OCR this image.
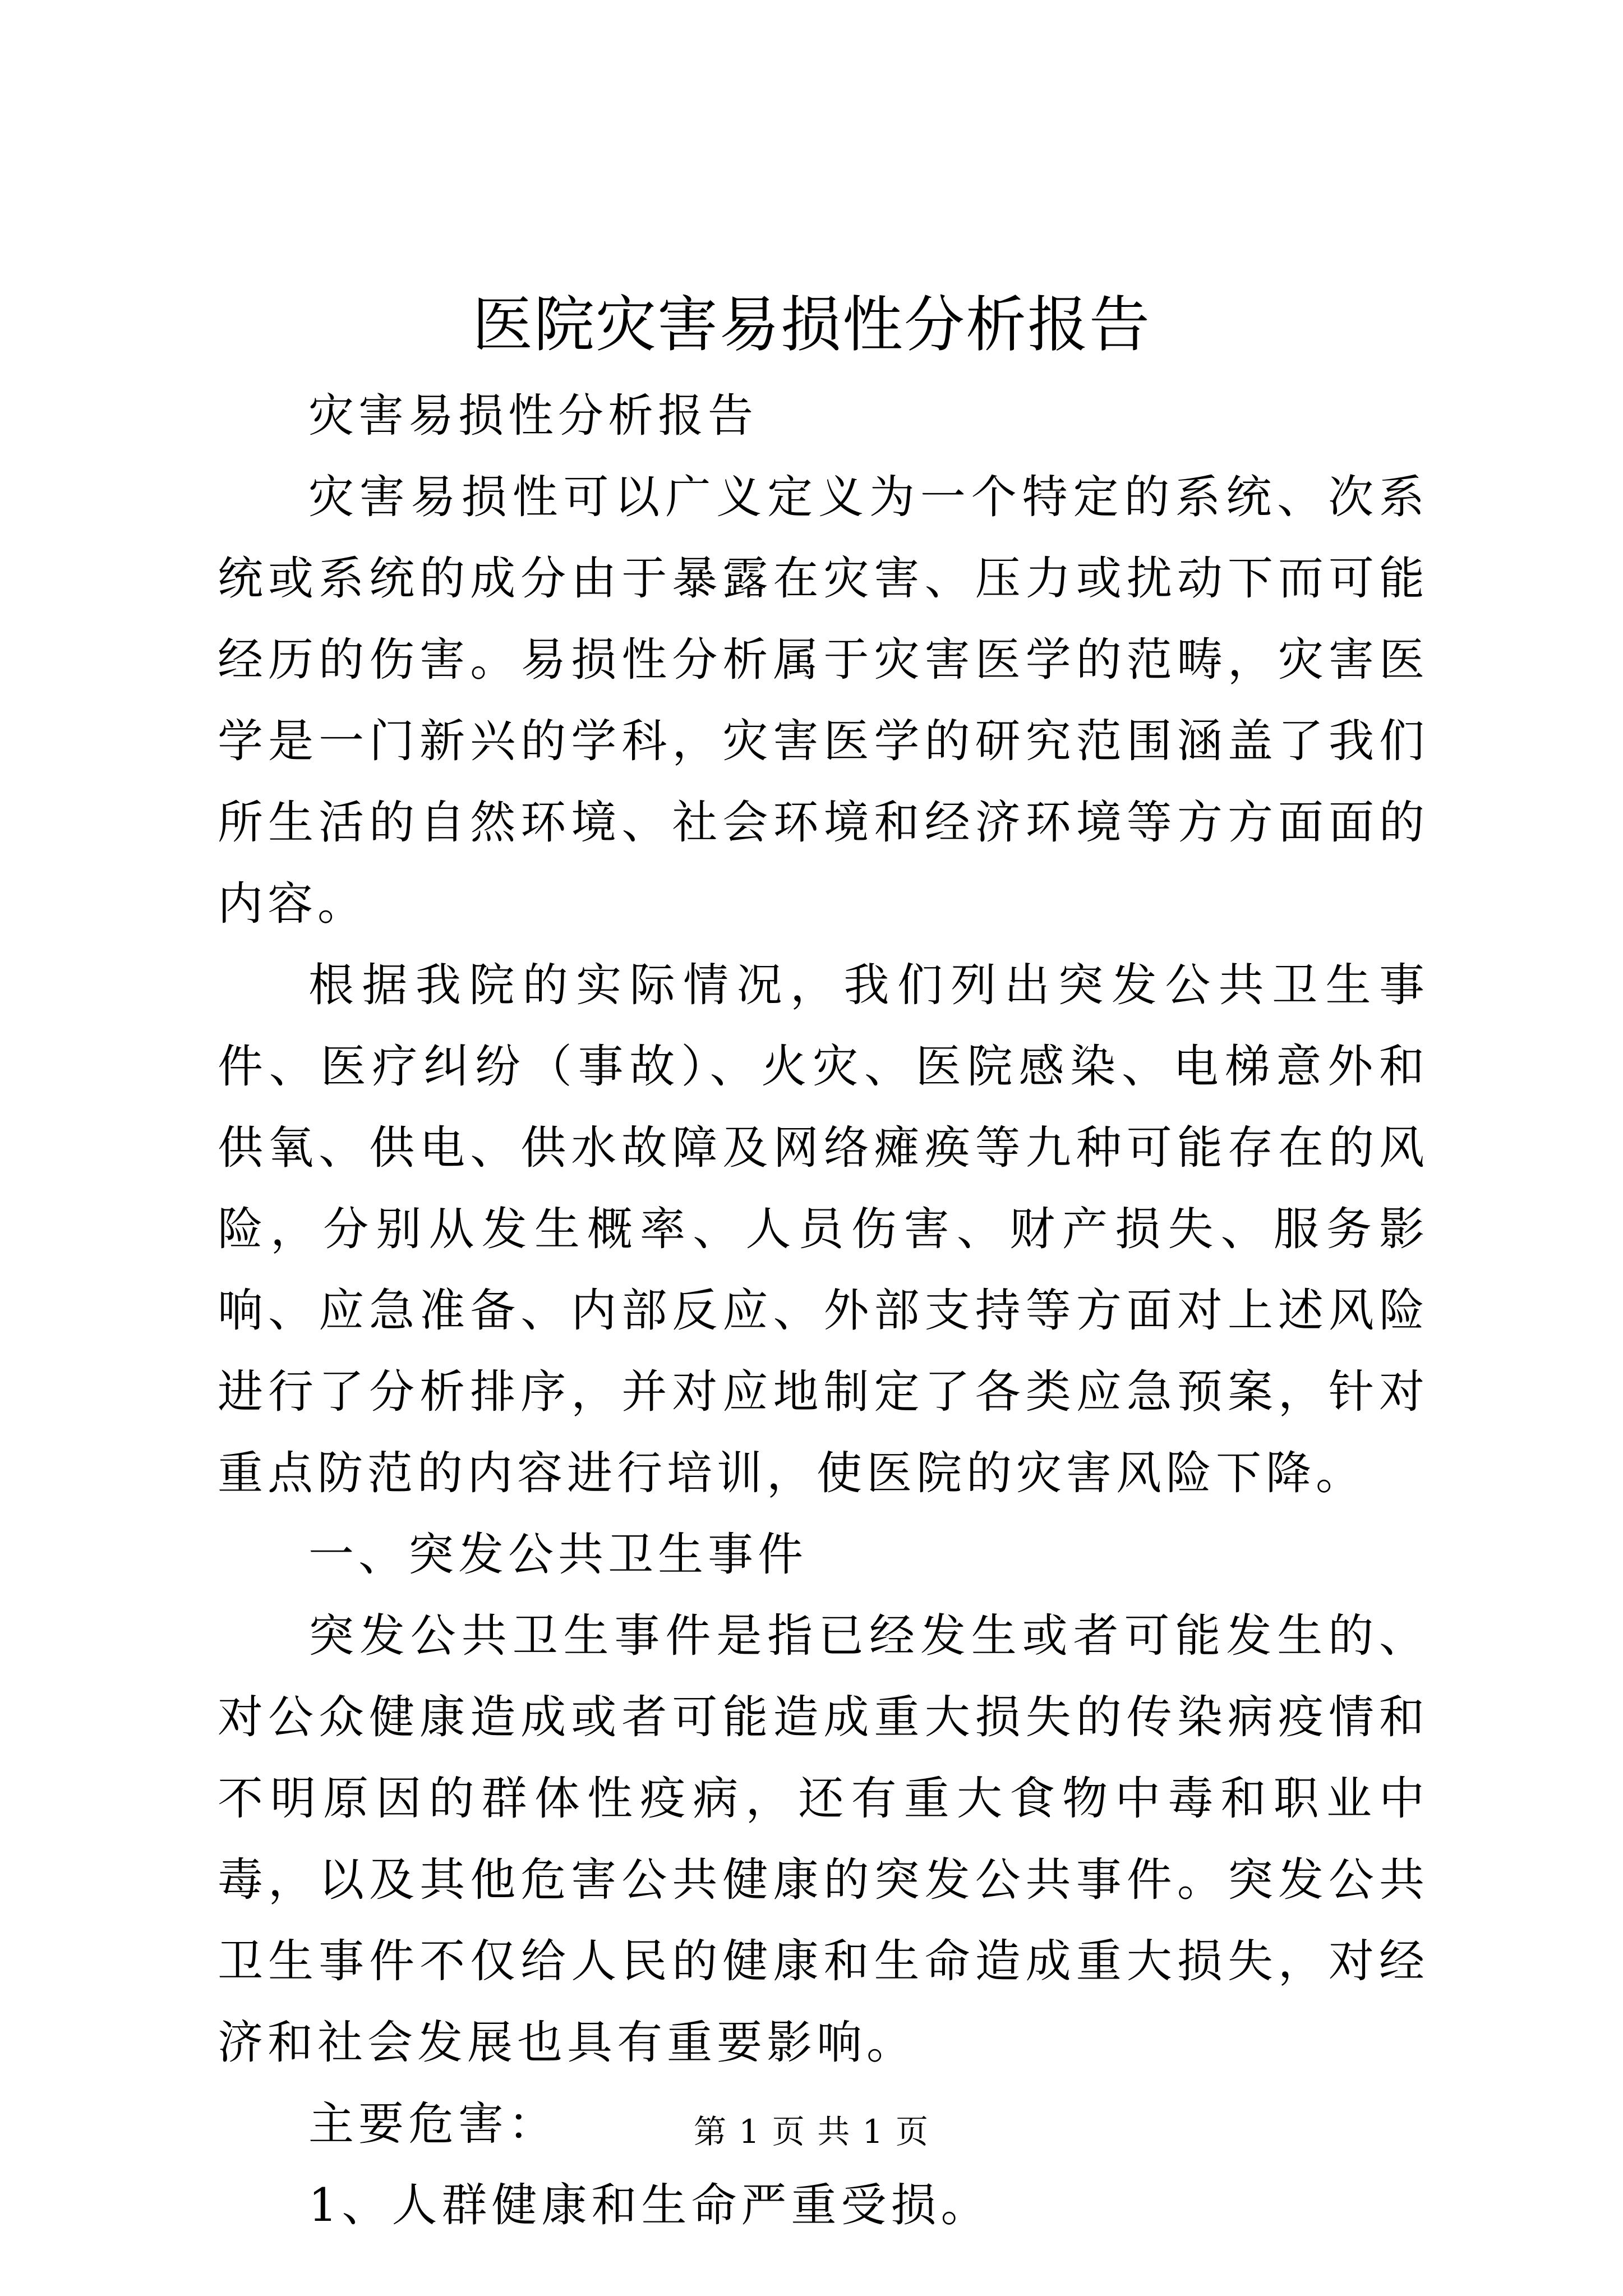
医院灾害易损性分析报告

灾害易损性分析报告

灾害易损性可以广义定义为一个特定的系统、次系统或系统的成分由于暴露在灾害、压力或扰动下而可能经历的伤害。易损性分析属于灾害医学的范畴，灾害医学是一门新兴的学科，灾害医学的研究范围涵盖了我们所生活的自然环境、社会环境和经济环境等方方面面的内容。

根据我院的实际情况，我们列出突发公共卫生事件、医疗纠纷（事故）、火灾、医院感染、电梯意外和供氧、供电、供水故障及网络瘫痪等九种可能存在的风险，分别从发生概率、人员伤害、财产损失、服务影响、应急准备、内部反应、外部支持等方面对上述风险进行了分析排序，并对应地制定了各类应急预案，针对重点防范的内容进行培训，使医院的灾害风险下降。

一、突发公共卫生事件

突发公共卫生事件是指已经发生或者可能发生的、对公众健康造成或者可能造成重大损失的传染病疫情和不明原因的群体性疫病，还有重大食物中毒和职业中毒，以及其他危害公共健康的突发公共事件。突发公共卫生事件不仅给人民的健康和生命造成重大损失，对经济和社会发展也具有重要影响。

主要危害：

1、人群健康和生命严重受损。

第 1 页 共 1 页
